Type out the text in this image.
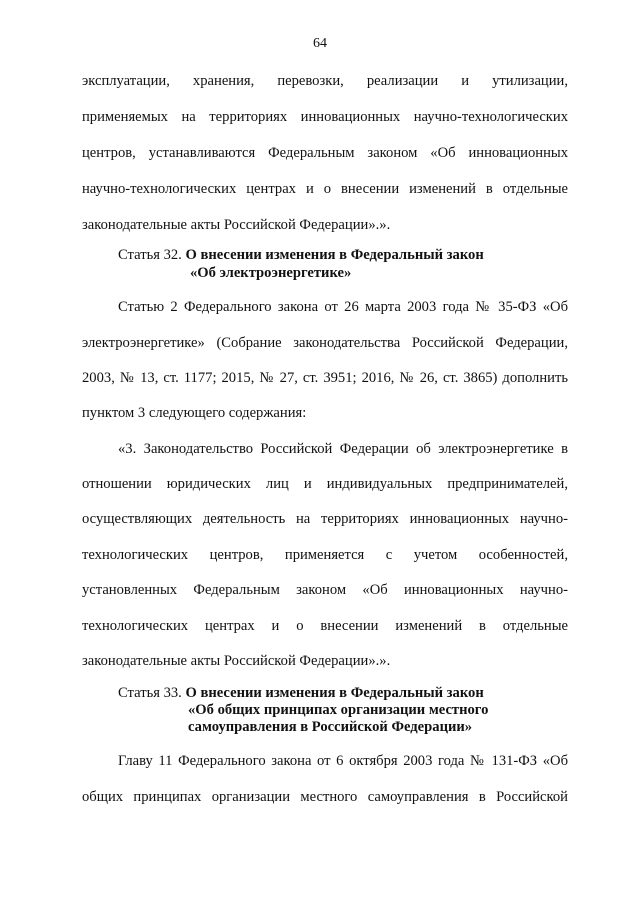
64
эксплуатации, хранения, перевозки, реализации и утилизации,
применяемых на территориях инновационных научно-технологических
центров, устанавливаются Федеральным законом «Об инновационных
научно-технологических центрах и о внесении изменений в отдельные
законодательные акты Российской Федерации».».
Статья 32. О внесении изменения в Федеральный закон
«Об электроэнергетике»
Статью 2 Федерального закона от 26 марта 2003 года № 35-ФЗ «Об
электроэнергетике» (Собрание законодательства Российской Федерации,
2003, № 13, ст. 1177; 2015, № 27, ст. 3951; 2016, № 26, ст. 3865) дополнить
пунктом 3 следующего содержания:
«3. Законодательство Российской Федерации об электроэнергетике в
отношении юридических лиц и индивидуальных предпринимателей,
осуществляющих деятельность на территориях инновационных научно-
технологических центров, применяется с учетом особенностей,
установленных Федеральным законом «Об инновационных научно-
технологических центрах и о внесении изменений в отдельные
законодательные акты Российской Федерации».».
Статья 33. О внесении изменения в Федеральный закон
«Об общих принципах организации местного
самоуправления в Российской Федерации»
Главу 11 Федерального закона от 6 октября 2003 года № 131-ФЗ «Об
общих принципах организации местного самоуправления в Российской
